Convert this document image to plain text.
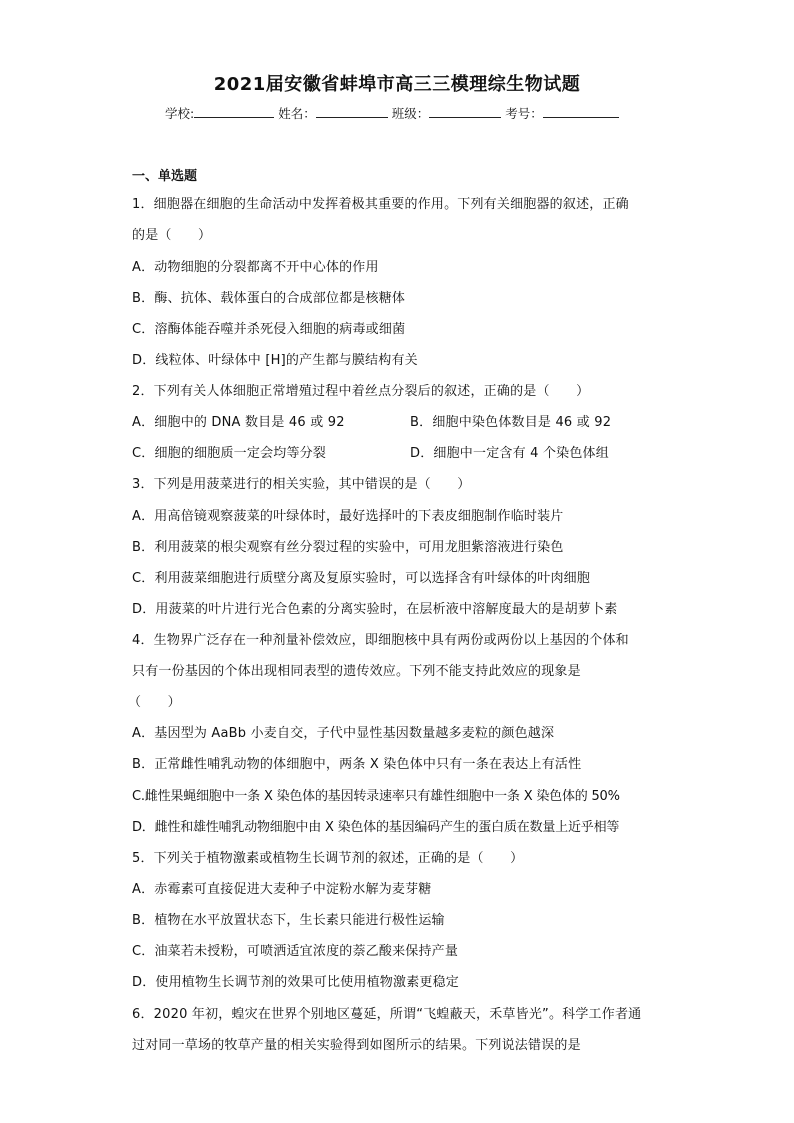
2021届安徽省蚌埠市高三三模理综生物试题
学校:	姓名：	班级：	考号：
一、单选题
1．细胞器在细胞的生命活动中发挥着极其重要的作用。下列有关细胞器的叙述，正确
的是（　　）
A．动物细胞的分裂都离不开中心体的作用
B．酶、抗体、载体蛋白的合成部位都是核糖体
C．溶酶体能吞噬并杀死侵入细胞的病毒或细菌
D．线粒体、叶绿体中 [H]的产生都与膜结构有关
2．下列有关人体细胞正常增殖过程中着丝点分裂后的叙述，正确的是（　　）
A．细胞中的 DNA 数目是 46 或 92	B．细胞中染色体数目是 46 或 92
C．细胞的细胞质一定会均等分裂	D．细胞中一定含有 4 个染色体组
3．下列是用菠菜进行的相关实验，其中错误的是（　　）
A．用高倍镜观察菠菜的叶绿体时，最好选择叶的下表皮细胞制作临时装片
B．利用菠菜的根尖观察有丝分裂过程的实验中，可用龙胆紫溶液进行染色
C．利用菠菜细胞进行质壁分离及复原实验时，可以选择含有叶绿体的叶肉细胞
D．用菠菜的叶片进行光合色素的分离实验时，在层析液中溶解度最大的是胡萝卜素
4．生物界广泛存在一种剂量补偿效应，即细胞核中具有两份或两份以上基因的个体和
只有一份基因的个体出现相同表型的遗传效应。下列不能支持此效应的现象是
（　　）
A．基因型为 AaBb 小麦自交，子代中显性基因数量越多麦粒的颜色越深
B．正常雌性哺乳动物的体细胞中，两条 X 染色体中只有一条在表达上有活性
C.雌性果蝇细胞中一条 X 染色体的基因转录速率只有雄性细胞中一条 X 染色体的 50%
D．雌性和雄性哺乳动物细胞中由 X 染色体的基因编码产生的蛋白质在数量上近乎相等
5．下列关于植物激素或植物生长调节剂的叙述，正确的是（　　）
A．赤霉素可直接促进大麦种子中淀粉水解为麦芽糖
B．植物在水平放置状态下，生长素只能进行极性运输
C．油菜若未授粉，可喷洒适宜浓度的萘乙酸来保持产量
D．使用植物生长调节剂的效果可比使用植物激素更稳定
6．2020 年初，蝗灾在世界个别地区蔓延，所谓“飞蝗蔽天，禾草皆光”。科学工作者通
过对同一草场的牧草产量的相关实验得到如图所示的结果。下列说法错误的是
